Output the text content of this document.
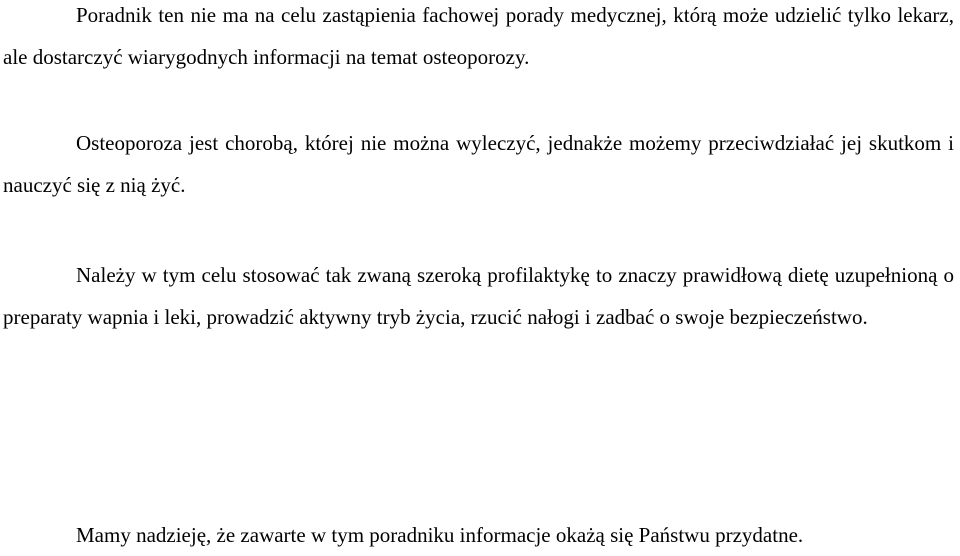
Poradnik ten nie ma na celu zastąpienia fachowej porady medycznej, którą może udzielić tylko lekarz, ale dostarczyć wiarygodnych informacji na temat osteoporozy.

Osteoporoza jest chorobą, której nie można wyleczyć, jednakże możemy przeciwdziałać jej skutkom i nauczyć się z nią żyć.

Należy w tym celu stosować tak zwaną szeroką profilaktykę to znaczy prawidłową dietę uzupełnioną o preparaty wapnia i leki, prowadzić aktywny tryb życia, rzucić nałogi i zadbać o swoje bezpieczeństwo.

Mamy nadzieję, że zawarte w tym poradniku informacje okażą się Państwu przydatne.
